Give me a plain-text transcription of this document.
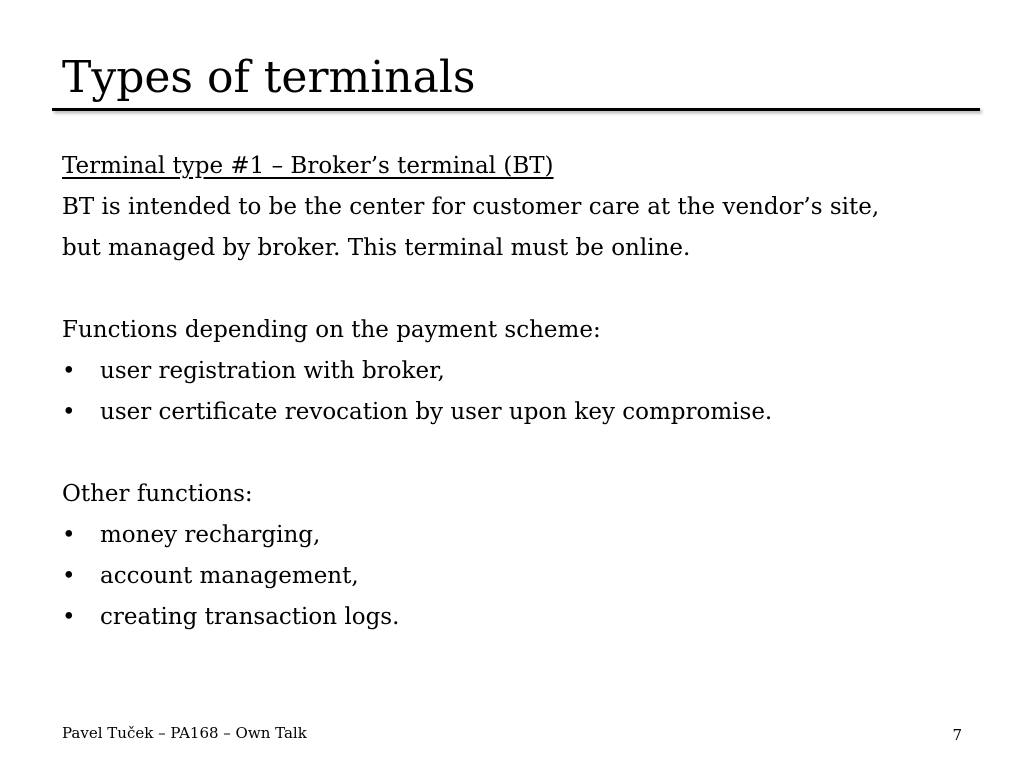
Types of terminals
Terminal type #1 – Broker’s terminal (BT)
BT is intended to be the center for customer care at the vendor’s site,
but managed by broker. This terminal must be online.
Functions depending on the payment scheme:
• user registration with broker,
• user certificate revocation by user upon key compromise.
Other functions:
• money recharging,
• account management,
• creating transaction logs.
Pavel Tuček – PA168 – Own Talk	7
